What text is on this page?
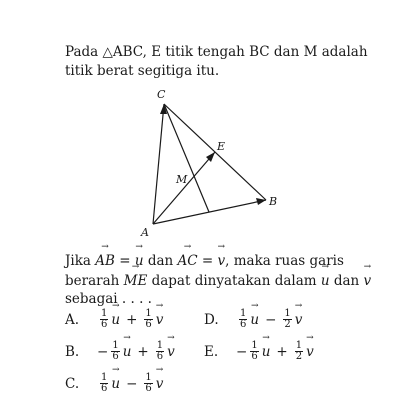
Pada △ABC, E titik tengah BC dan M adalah
titik berat segitiga itu.
C
E
M
B
A
Jika → AB = → u dan → AC = → v, maka ruas garis
berarah → ME dapat dinyatakan dalam → u dan → v
sebagai . . . .
A.	$\frac{1}{6}$
→ $u + \frac{1}{6}$
→ v
B.	− $\frac{1}{6}$
→ $u + \frac{1}{6}$
→ v
C.	$\frac{1}{6}$
→ $u - \frac{1}{6}$
→ v
D.	$\frac{1}{6}$
→ $u - \frac{1}{2}$
→ v
E.	− $\frac{1}{6}$
→ $u + \frac{1}{2}$
→ v
